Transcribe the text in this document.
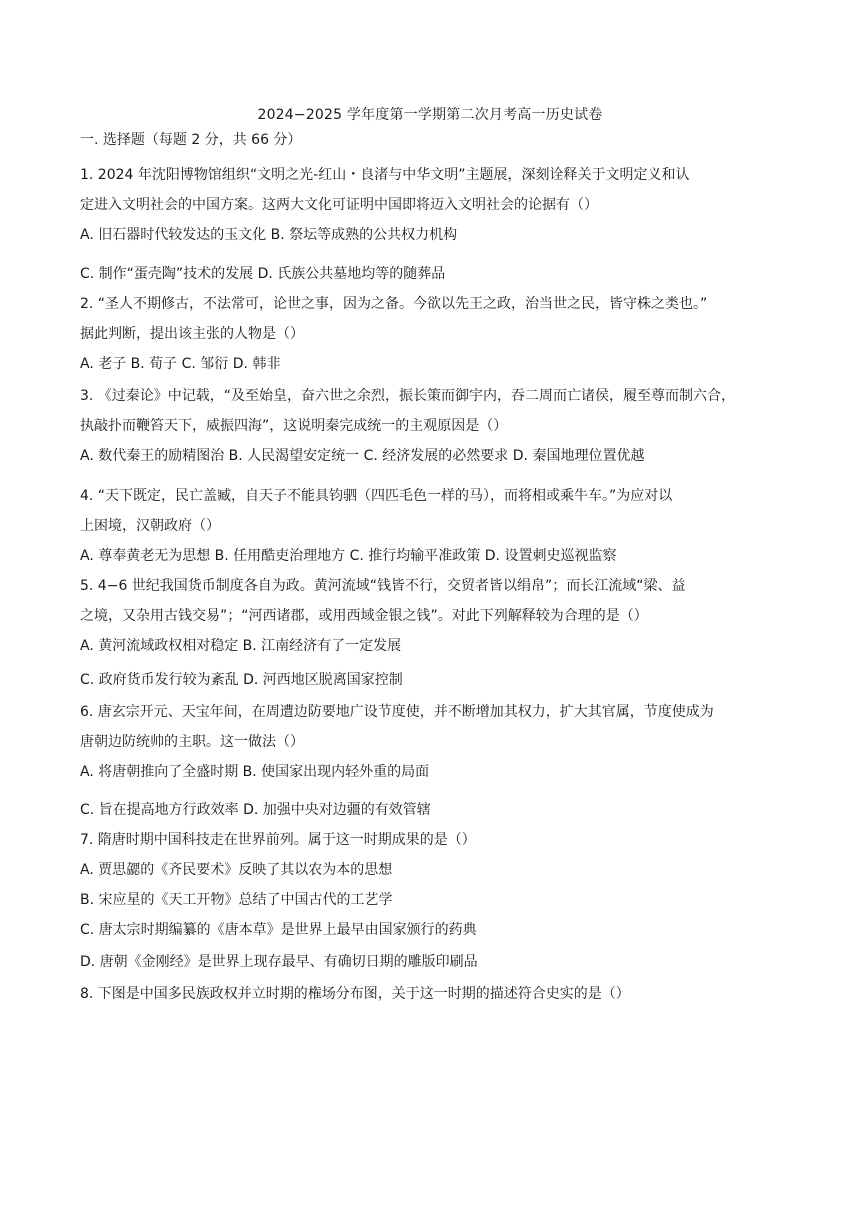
2024−2025 学年度第一学期第二次月考高一历史试卷
一. 选择题（每题 2 分，共 66 分）
1. 2024 年沈阳博物馆组织“文明之光-红山・良渚与中华文明”主题展，深刻诠释关于文明定义和认
定进入文明社会的中国方案。这两大文化可证明中国即将迈入文明社会的论据有（）
A. 旧石器时代较发达的玉文化 B. 祭坛等成熟的公共权力机构
C. 制作“蛋壳陶”技术的发展 D. 氏族公共墓地均等的随葬品
2. “圣人不期修古，不法常可，论世之事，因为之备。今欲以先王之政，治当世之民，皆守株之类也。”
据此判断，提出该主张的人物是（）
A. 老子 B. 荀子 C. 邹衍 D. 韩非
3. 《过秦论》中记载，“及至始皇，奋六世之余烈，振长策而御宇内，吞二周而亡诸侯，履至尊而制六合，
执敲扑而鞭笞天下，威振四海”，这说明秦完成统一的主观原因是（）
A. 数代秦王的励精图治 B. 人民渴望安定统一 C. 经济发展的必然要求 D. 秦国地理位置优越
4. “天下既定，民亡盖臧，自天子不能具钧驷（四匹毛色一样的马），而将相或乘牛车。”为应对以
上困境，汉朝政府（）
A. 尊奉黄老无为思想 B. 任用酷吏治理地方 C. 推行均输平准政策 D. 设置刺史巡视监察
5. 4−6 世纪我国货币制度各自为政。黄河流域“钱皆不行，交贸者皆以绢帛”；而长江流域“梁、益
之境，又杂用古钱交易”；“河西诸郡，或用西域金银之钱”。对此下列解释较为合理的是（）
A. 黄河流域政权相对稳定 B. 江南经济有了一定发展
C. 政府货币发行较为紊乱 D. 河西地区脱离国家控制
6. 唐玄宗开元、天宝年间，在周遭边防要地广设节度使，并不断增加其权力，扩大其官属，节度使成为
唐朝边防统帅的主职。这一做法（）
A. 将唐朝推向了全盛时期 B. 使国家出现内轻外重的局面
C. 旨在提高地方行政效率 D. 加强中央对边疆的有效管辖
7. 隋唐时期中国科技走在世界前列。属于这一时期成果的是（）
A. 贾思勰的《齐民要术》反映了其以农为本的思想
B. 宋应星的《天工开物》总结了中国古代的工艺学
C. 唐太宗时期编纂的《唐本草》是世界上最早由国家颁行的药典
D. 唐朝《金刚经》是世界上现存最早、有确切日期的雕版印刷品
8. 下图是中国多民族政权并立时期的権场分布图，关于这一时期的描述符合史实的是（）
